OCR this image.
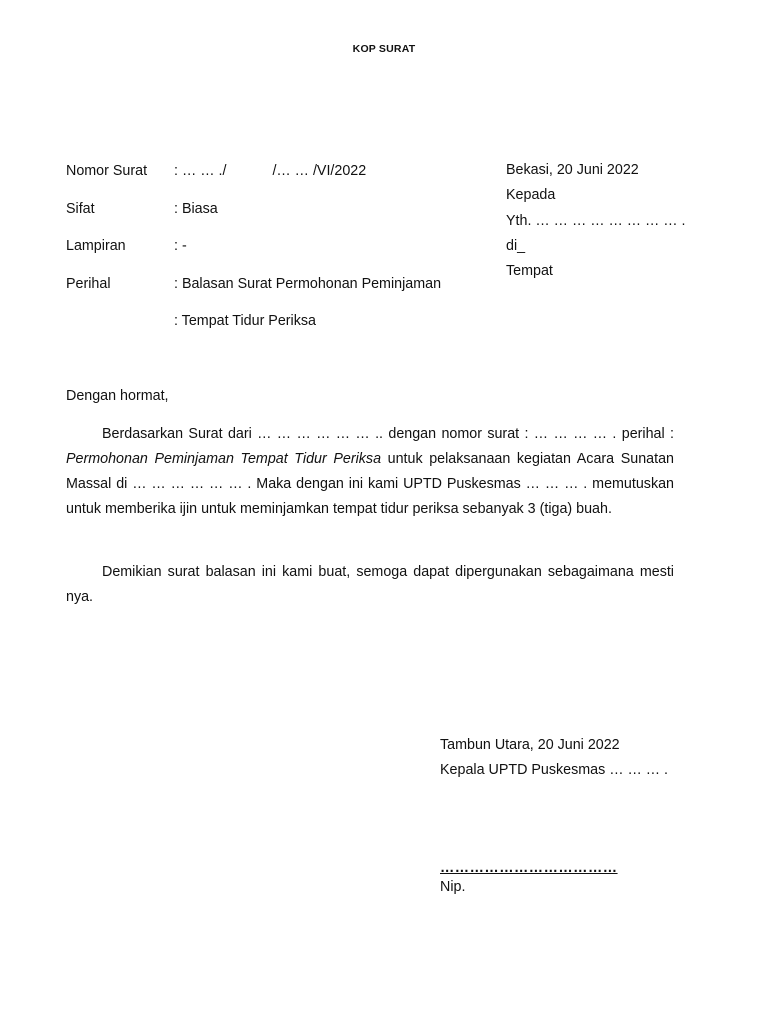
KOP SURAT
Nomor Surat : … … ./	/… … /VI/2022
Sifat	: Biasa
Lampiran	: -
Perihal	: Balasan Surat Permohonan Peminjaman
: Tempat Tidur Periksa
Bekasi, 20 Juni 2022
Kepada
Yth. … … … … … … … … .
di_
Tempat
Dengan hormat,
Berdasarkan Surat dari … … … … … … .. dengan nomor surat : … … … … . perihal : Permohonan Peminjaman Tempat Tidur Periksa untuk pelaksanaan kegiatan Acara Sunatan Massal di … … … … … … . Maka dengan ini kami UPTD Puskesmas … … … . memutuskan untuk memberika ijin untuk meminjamkan tempat tidur periksa sebanyak 3 (tiga) buah.
Demikian surat balasan ini kami buat, semoga dapat dipergunakan sebagaimana mesti nya.
Tambun Utara, 20 Juni 2022
Kepala UPTD Puskesmas … … … .
………………………………
Nip.
